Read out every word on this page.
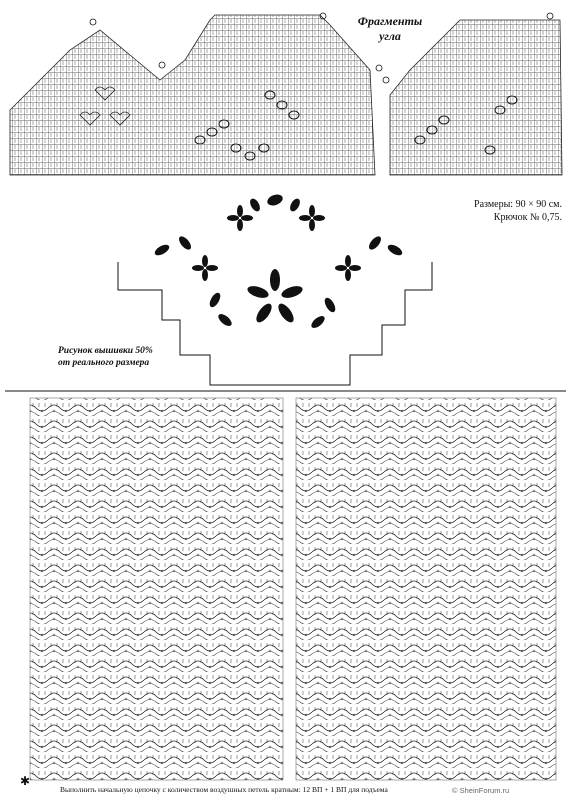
Фрагменты
угла
Размеры: 90 × 90 см.
Крючок № 0,75.
Рисунок вышивки 50%
от реального размера
✱
Выполнить начальную цепочку с количеством воздушных петель кратным: 12 ВП + 1 ВП для подъема	© SheinForum.ru
